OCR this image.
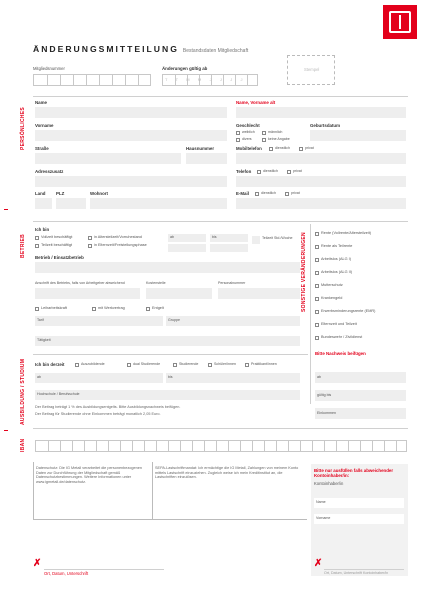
ÄNDERUNGSMITTEILUNG Bestandsdaten Mitgliedschaft
Mitgliedsnummer	Änderungen gültig ab
T T M M J J J J
Stempel
PERSÖNLICHES
Name	Name, Vorname alt
Vorname	Geschlecht
weiblich	männlich
divers	keine Angabe
Geburtsdatum
Straße	Hausnummer	Mobiltelefon	dienstlich	privat
Adresszusatz	Telefon	dienstlich	privat
Land PLZ	Wohnort	E-Mail	dienstlich	privat
BETRIEB
Ich bin
Vollzeit beschäftigt	in Altersteilzeit/Vorruhestand
Teilzeit beschäftigt	in Elternzeit/Freistellungsphase
ab	bis	Teilzeit Std./Woche
Betrieb / Einsatzbetrieb
Anschrift des Betriebs, falls von Arbeitgeber abweichend	Kostenstelle	Personalnummer
Leiharbeitskraft	mit Werkvertrag	Entgelt
Tarif	Gruppe
Tätigkeit
SONSTIGE VERÄNDERUNGEN	Rente (Vollrente/Altersteilzeit)
Rente als Teilrente
Arbeitslos (ALG I)
Arbeitslos (ALG II)
Mutterschutz
Krankengeld
Erwerbsminderungsrente (EMR)
Elternzeit und Teilzeit
Bundeswehr / Zivildienst
Bitte Nachweis beifügen
ab
gültig bis
Einkommen
AUSBILDUNG / STUDIUM Ich bin derzeit	Auszubildende	dual Studierende	Studierende	Schüler/innen	Praktikant/innen
ab	bis
Hochschule / Berufsschule
Der Beitrag beträgt 1 % des Ausbildungsentgelts. Bitte Ausbildungsnachweis beifügen.
Der Beitrag für Studierende ohne Einkommen beträgt monatlich 2,05 Euro.
IBAN
Datenschutz: Die IG Metall verarbeitet die personenbezogenen Daten zur Durchführung der Mitgliedschaft gemäß Datenschutzbestimmungen. Weitere Informationen unter www.igmetall.de/datenschutz.
SEPA-Lastschriftmandat: Ich ermächtige die IG Metall, Zahlungen von meinem Konto mittels Lastschrift einzuziehen. Zugleich weise ich mein Kreditinstitut an, die Lastschriften einzulösen.
Bitte nur ausfüllen falls abweichender Kontoinhaber/in:
Kontoinhaber/in
Name
Vorname
✗
Ort, Datum, Unterschrift
✗
Ort, Datum, Unterschrift Kontoinhaber/in
